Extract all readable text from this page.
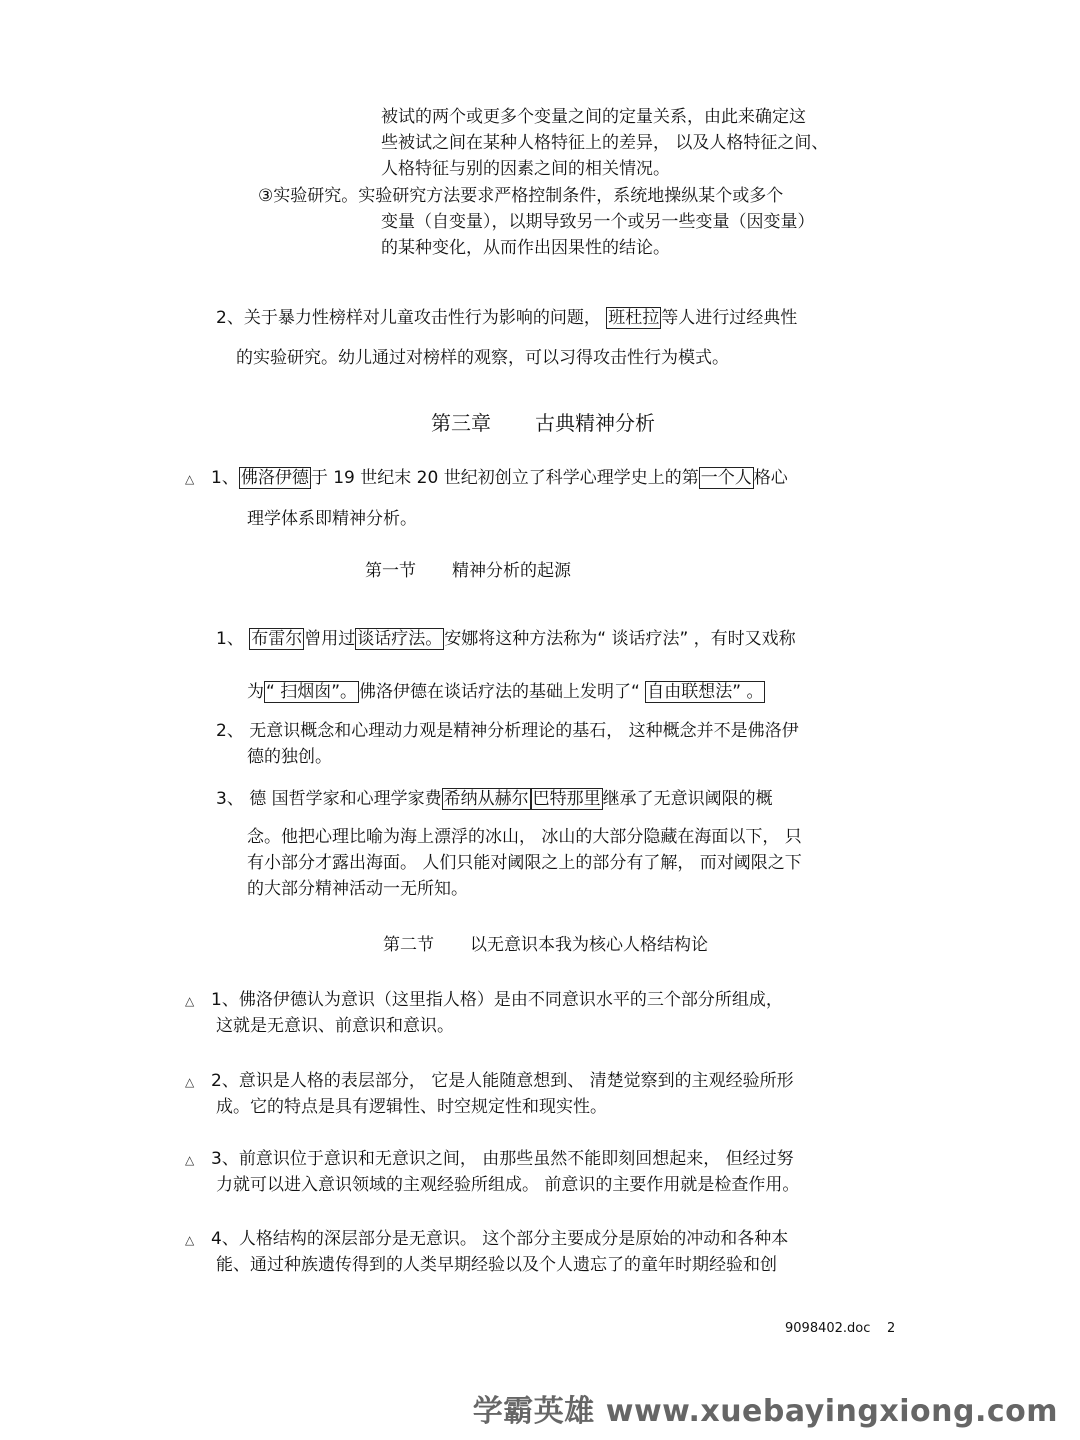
被试的两个或更多个变量之间的定量关系，由此来确定这
些被试之间在某种人格特征上的差异， 以及人格特征之间、
人格特征与别的因素之间的相关情况。
③实验研究。实验研究方法要求严格控制条件，系统地操纵某个或多个
变量（自变量），以期导致另一个或另一些变量（因变量）
的某种变化，从而作出因果性的结论。
2、关于暴力性榜样对儿童攻击性行为影响的问题， 班杜拉 等人进行过经典性
的实验研究。幼儿通过对榜样的观察，可以习得攻击性行为模式。
第三章 古典精神分析
△ 1、 佛洛伊德 于 19 世纪末 20 世纪初创立了科学心理学史上的第 一个人 格心
理学体系即精神分析。
第一节 精神分析的起源
1、 布雷尔 曾用过 谈话疗法。 安娜将这种方法称为“ 谈话疗法” ，有时又戏称
为 “ 扫烟囱”。 佛洛伊德在谈话疗法的基础上发明了“ 自由联想法” 。
2、 无意识概念和心理动力观是精神分析理论的基石， 这种概念并不是佛洛伊
德的独创。
3、 德 国哲学家和心理学家费 希纳从赫尔 巴特那里 继承了无意识阈限的概
念。他把心理比喻为海上漂浮的冰山， 冰山的大部分隐藏在海面以下， 只
有小部分才露出海面。 人们只能对阈限之上的部分有了解， 而对阈限之下
的大部分精神活动一无所知。
第二节 以无意识本我为核心人格结构论
△ 1、佛洛伊德认为意识（这里指人格）是由不同意识水平的三个部分所组成，
这就是无意识、前意识和意识。
△ 2、意识是人格的表层部分， 它是人能随意想到、 清楚觉察到的主观经验所形
成。它的特点是具有逻辑性、时空规定性和现实性。
△ 3、前意识位于意识和无意识之间， 由那些虽然不能即刻回想起来， 但经过努
力就可以进入意识领域的主观经验所组成。 前意识的主要作用就是检查作用。
△ 4、人格结构的深层部分是无意识。 这个部分主要成分是原始的冲动和各种本
能、通过种族遗传得到的人类早期经验以及个人遗忘了的童年时期经验和创
9098402.doc 2
学霸英雄 www.xuebayingxiong.com
